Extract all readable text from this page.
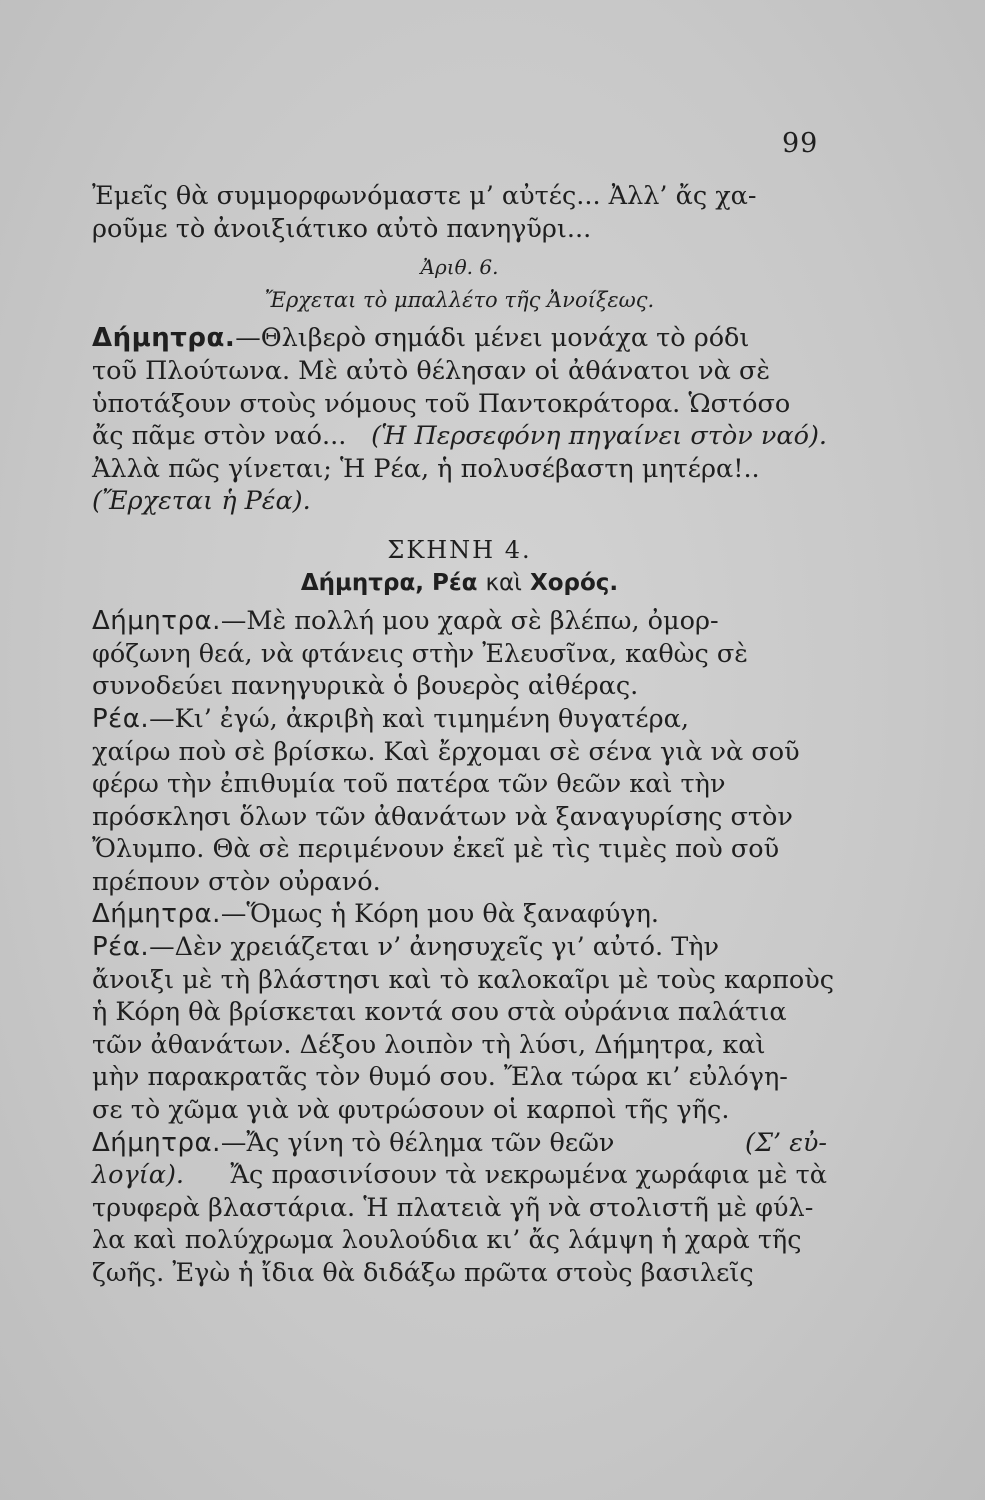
99
Ἐμεῖς θὰ συμμορφωνόμαστε μ’ αὐτές... Ἀλλ’ ἄς χα-
ροῦμε τὸ ἀνοιξιάτικο αὐτὸ πανηγῦρι...
Ἀριθ. 6.
Ἔρχεται τὸ μπαλλέτο τῆς Ἀνοίξεως.
Δήμητρα.—Θλιβερὸ σημάδι μένει μονάχα τὸ ρόδι
τοῦ Πλούτωνα. Μὲ αὐτὸ θέλησαν οἱ ἀθάνατοι νὰ σὲ
ὑποτάξουν στοὺς νόμους τοῦ Παντοκράτορα. Ὡστόσο
ἄς πᾶμε στὸν ναό... (Ἡ Περσεφόνη πηγαίνει στὸν ναό).
Ἀλλὰ πῶς γίνεται; Ἡ Ρέα, ἡ πολυσέβαστη μητέρα!..
(Ἔρχεται ἡ Ρέα).
ΣΚΗΝΗ 4.
Δήμητρα, Ρέα καὶ Χορός.
Δήμητρα.—Μὲ πολλή μου χαρὰ σὲ βλέπω, ὀμορ-
φόζωνη θεά, νὰ φτάνεις στὴν Ἐλευσῖνα, καθὼς σὲ
συνοδεύει πανηγυρικὰ ὁ βουερὸς αἰθέρας.
Ρέα.—Κι’ ἐγώ, ἀκριβὴ καὶ τιμημένη θυγατέρα,
χαίρω ποὺ σὲ βρίσκω. Καὶ ἔρχομαι σὲ σένα γιὰ νὰ σοῦ
φέρω τὴν ἐπιθυμία τοῦ πατέρα τῶν θεῶν καὶ τὴν
πρόσκλησι ὅλων τῶν ἀθανάτων νὰ ξαναγυρίσης στὸν
Ὄλυμπο. Θὰ σὲ περιμένουν ἐκεῖ μὲ τὶς τιμὲς ποὺ σοῦ
πρέπουν στὸν οὐρανό.
Δήμητρα.—Ὅμως ἡ Κόρη μου θὰ ξαναφύγη.
Ρέα.—Δὲν χρειάζεται ν’ ἀνησυχεῖς γι’ αὐτό. Τὴν
ἄνοιξι μὲ τὴ βλάστησι καὶ τὸ καλοκαῖρι μὲ τοὺς καρποὺς
ἡ Κόρη θὰ βρίσκεται κοντά σου στὰ οὐράνια παλάτια
τῶν ἀθανάτων. Δέξου λοιπὸν τὴ λύσι, Δήμητρα, καὶ
μὴν παρακρατᾶς τὸν θυμό σου. Ἔλα τώρα κι’ εὐλόγη-
σε τὸ χῶμα γιὰ νὰ φυτρώσουν οἱ καρποὶ τῆς γῆς.
Δήμητρα.—Ἄς γίνη τὸ θέλημα τῶν θεῶν	(Σ’ εὐ-
λογία). Ἄς πρασινίσουν τὰ νεκρωμένα χωράφια μὲ τὰ
τρυφερὰ βλαστάρια. Ἡ πλατειὰ γῆ νὰ στολιστῆ μὲ φύλ-
λα καὶ πολύχρωμα λουλούδια κι’ ἄς λάμψη ἡ χαρὰ τῆς
ζωῆς. Ἐγὼ ἡ ἴδια θὰ διδάξω πρῶτα στοὺς βασιλεῖς
